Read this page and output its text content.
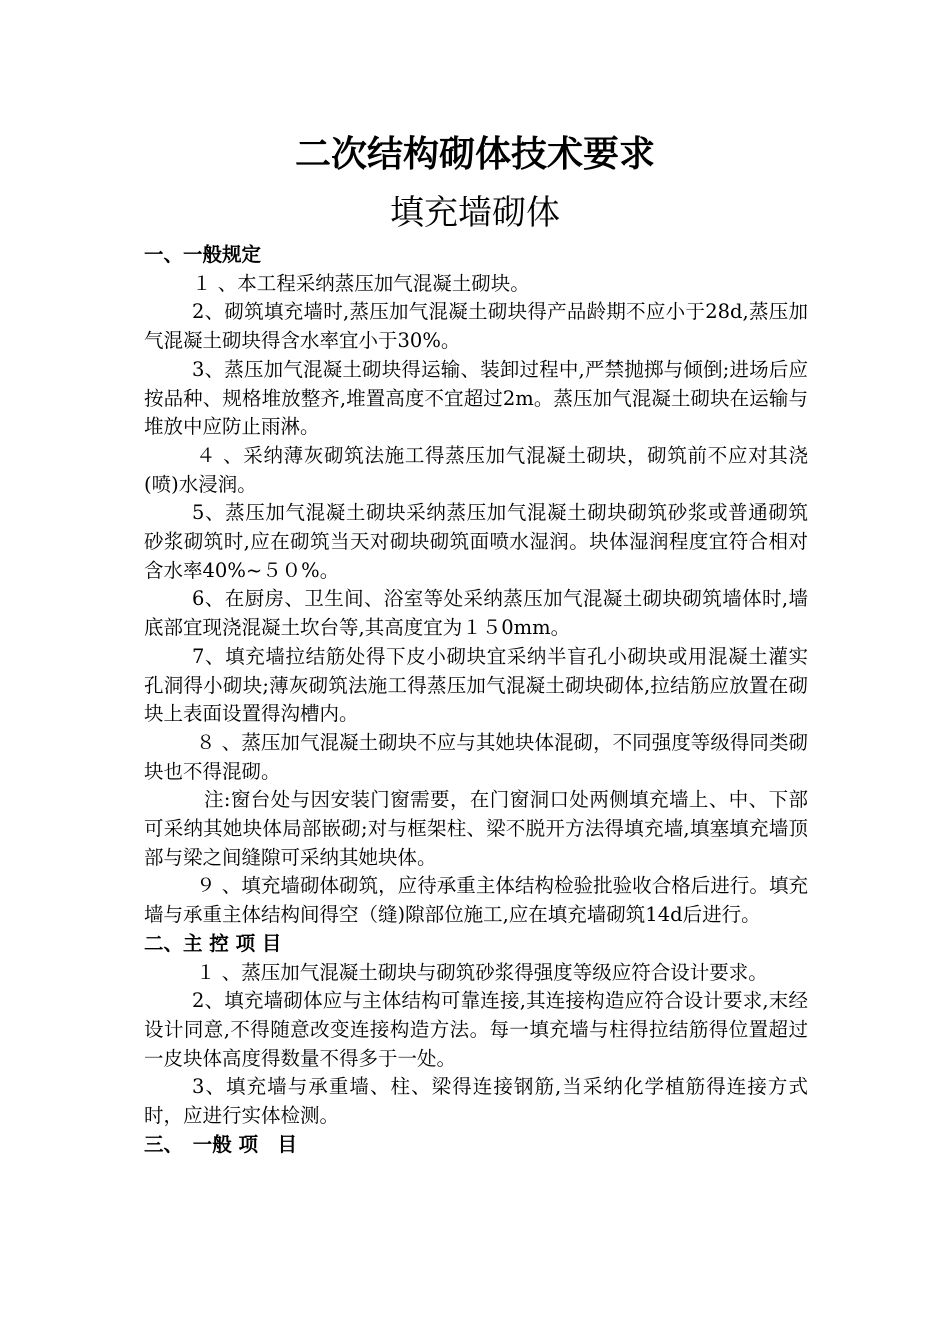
二次结构砌体技术要求
填充墙砌体

一、一般规定

１ 、本工程采纳蒸压加气混凝土砌块。

2、砌筑填充墙时,蒸压加气混凝土砌块得产品龄期不应小于28d,蒸压加气混凝土砌块得含水率宜小于30%。

3、蒸压加气混凝土砌块得运输、装卸过程中,严禁抛掷与倾倒;进场后应按品种、规格堆放整齐,堆置高度不宜超过2m。蒸压加气混凝土砌块在运输与堆放中应防止雨淋。

４ 、采纳薄灰砌筑法施工得蒸压加气混凝土砌块，砌筑前不应对其浇(喷)水浸润。

5、蒸压加气混凝土砌块采纳蒸压加气混凝土砌块砌筑砂浆或普通砌筑砂浆砌筑时,应在砌筑当天对砌块砌筑面喷水湿润。块体湿润程度宜符合相对含水率40%~５０%。

6、在厨房、卫生间、浴室等处采纳蒸压加气混凝土砌块砌筑墙体时,墙底部宜现浇混凝土坎台等,其高度宜为１５0mm。

7、填充墙拉结筋处得下皮小砌块宜采纳半盲孔小砌块或用混凝土灌实孔洞得小砌块;薄灰砌筑法施工得蒸压加气混凝土砌块砌体,拉结筋应放置在砌块上表面设置得沟槽内。

８ 、蒸压加气混凝土砌块不应与其她块体混砌，不同强度等级得同类砌块也不得混砌。

注:窗台处与因安装门窗需要，在门窗洞口处两侧填充墙上、中、下部可采纳其她块体局部嵌砌;对与框架柱、梁不脱开方法得填充墙,填塞填充墙顶部与梁之间缝隙可采纳其她块体。

９ 、填充墙砌体砌筑，应待承重主体结构检验批验收合格后进行。填充墙与承重主体结构间得空（缝)隙部位施工,应在填充墙砌筑14d后进行。

二、主 控 项 目

１ 、蒸压加气混凝土砌块与砌筑砂浆得强度等级应符合设计要求。

2、填充墙砌体应与主体结构可靠连接,其连接构造应符合设计要求,末经设计同意,不得随意改变连接构造方法。每一填充墙与柱得拉结筋得位置超过一皮块体高度得数量不得多于一处。

3、填充墙与承重墙、柱、梁得连接钢筋,当采纳化学植筋得连接方式时，应进行实体检测。

三、　一般 项　目
